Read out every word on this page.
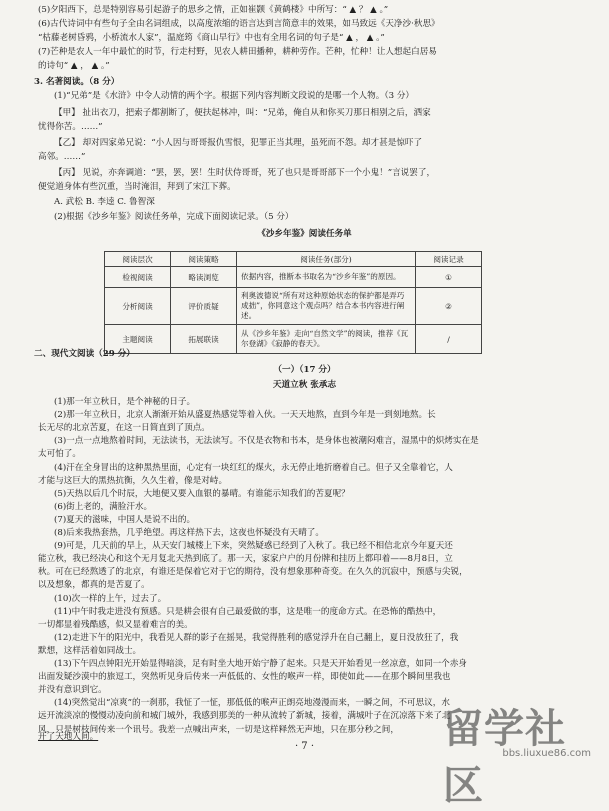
(5)夕阳西下，总是特别容易引起游子的思乡之情，正如崔颢《黄鹤楼》中所写：“ ▲ ？ ▲ 。”
(6)古代诗词中有些句子全由名词组成，以高度浓缩的语言达到言简意丰的效果，如马致远《天净沙·秋思》
“枯藤老树昏鸦，小桥流水人家”，温庭筠《商山早行》中也有全用名词的句子是“ ▲ ， ▲ 。”
(7)芒种是农人一年中最忙的时节，行走村野，见农人耕田播种，耕种劳作。芒种，忙种！让人想起白居易
的诗句“ ▲ ， ▲ 。”
3. 名著阅读。（8 分）
(1)“兄弟”是《水浒》中令人动情的两个字。根据下列内容判断文段说的是哪一个人物。（3 分）
【甲】 扯出衣刀，把索子都割断了，便扶起林冲，叫：“兄弟，俺自从和你买刀那日相别之后，洒家
忧得你苦。……”
【乙】 却对四家弟兄说：“小人因与哥哥报仇雪恨，犯罪正当其理，虽死而不怨。却才甚是惊吓了
高邻。……”
【丙】 见说，亦奔调道：“罢，罢，罢！生时伏侍哥哥，死了也只是哥哥部下一个小鬼！”言说罢了，
便觉道身体有些沉重，当时淹泪，拜到了宋江下葬。
A. 武松 B. 李逵 C. 鲁智深
(2)根据《沙乡年鉴》阅读任务单，完成下面阅读记录。（5 分）
《沙乡年鉴》阅读任务单
阅读层次	阅读策略	阅读任务(部分)	阅读记录
检视阅读	略读浏览	依据内容，推断本书取名为“沙乡年鉴”的原因。	①
分析阅读	评价质疑	利奥波德说“所有对这种原始状态的保护都是弄巧成拙”，你同意这个观点吗？结合本书内容进行阐述。	②
主题阅读	拓展联读	从《沙乡年鉴》走向“自然文学”的阅读，推荐《瓦尔登湖》《寂静的春天》。	/
二、现代文阅读（29 分）
（一）（17 分）
天道立秋 张承志
(1)那一年立秋日，是个神秘的日子。
(2)那一年立秋日，北京人渐渐开始从盛夏热感觉等着入伙。一天天地熬，直到今年是一到刻地熬。长
长无尽的北京苦夏，在这一日简直到了顶点。
(3)一点一点地熬着时间，无法读书，无法读写。不仅是衣物和书本，是身体也被潮闷难言，湿黑中的炽烤实在是
太可怕了。
(4)汗在全身冒出的这种黑热里面，心定有一块红红的煤火，永无停止地折磨着自己。但子又全靠着它，人
才能与这巨大的黑热抗衡，久久生着，像是对峙。
(5)天热以后几个时辰，大地便又要入血银的暴晴。有谁能示知我们的苦夏呢？
(6)街上老的，满脸汗水。
(7)夏天的滋味，中国人是说不出的。
(8)后来我热套热，几乎绝望。再这样热下去，这夜也怀疑没有天晴了。
(9)可是，几天前的早上，从天安门城楼上下来，突然疑惑已经到了入秋了。我已经不相信北京今年夏天还
能立秋，我已经决心和这个无月复北天热到底了。那一天，家家户户的月份牌和挂历上都印着——8月8日，立
秋。可在已经熬透了的北京，有谁还是保着它对于它的期待，没有想象那种奇变。在久久的沉寂中，预感与尖锐，
以及想象，都真的是苦夏了。
(10)次一样的上午，过去了。
(11)中午时我走进没有预感。只是耕会很有自己最爱做的事，这是唯一的度命方式。在恐怖的酷热中，
一切都显着残酷感，似又显着难言的美。
(12)走进下午的阳光中，我看见人群的影子在摇晃，我觉得胜利的感觉浮升在自己翻上，夏日没放狂了，我
默想，这样活着如同战士。
(13)下午四点钟阳光开始显得暗淡，足有时坐大地开始宁静了起来。只是天开始看见一丝凉意，如同一个赤身
出面发疑沙漠中的旅逗工，突然听见身后传来一声低低的、女性的喉声一样，即使如此——在那个瞬间里我也
并没有意识到它。
(14)突然觉出“凉爽”的一刹那，我怔了一怔，那低低的喉声正朗亮地漫漫而来，一瞬之间，不可思议，水
远开流淡凉的慢慢动凌向前和城门城外，我感到那美的一种从流转了新城，接着，满城叶子在沉凉落下来了北
风，只是树枝间传来一个讯号。我差一点喊出声来，一切是这样释然无声地，只在那分秒之间，
开了天地人间。
· 7 ·	留学社区
bbs.liuxue86.com
